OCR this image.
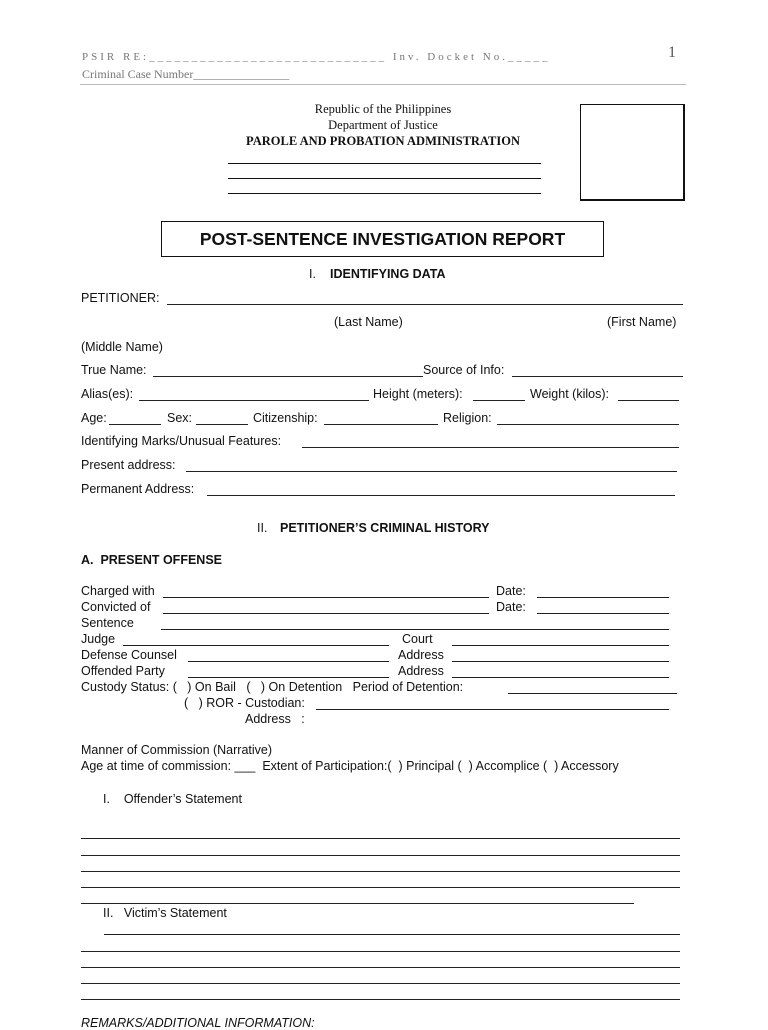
PSIR RE:____________________________ Inv. Docket No._____	1
Criminal Case Number________________
Republic of the Philippines
Department of Justice
PAROLE AND PROBATION ADMINISTRATION
POST-SENTENCE INVESTIGATION REPORT
I. IDENTIFYING DATA
PETITIONER:
(Last Name)	(First Name)
(Middle Name)
True Name:	Source of Info:
Alias(es):	Height (meters):	Weight (kilos):
Age:	Sex:	Citizenship:	Religion:
Identifying Marks/Unusual Features:
Present address:
Permanent Address:
II. PETITIONER’S CRIMINAL HISTORY
A.  PRESENT OFFENSE
Charged with	Date:
Convicted of	Date:
Sentence
Judge	Court
Defense Counsel	Address
Offended Party	Address
Custody Status: (   ) On Bail   (   ) On Detention   Period of Detention:
(   ) ROR - Custodian:
Address   :
Manner of Commission (Narrative)
Age at time of commission: ___  Extent of Participation:(  ) Principal (  ) Accomplice (  ) Accessory
I.    Offender’s Statement
II.   Victim’s Statement
REMARKS/ADDITIONAL INFORMATION:
